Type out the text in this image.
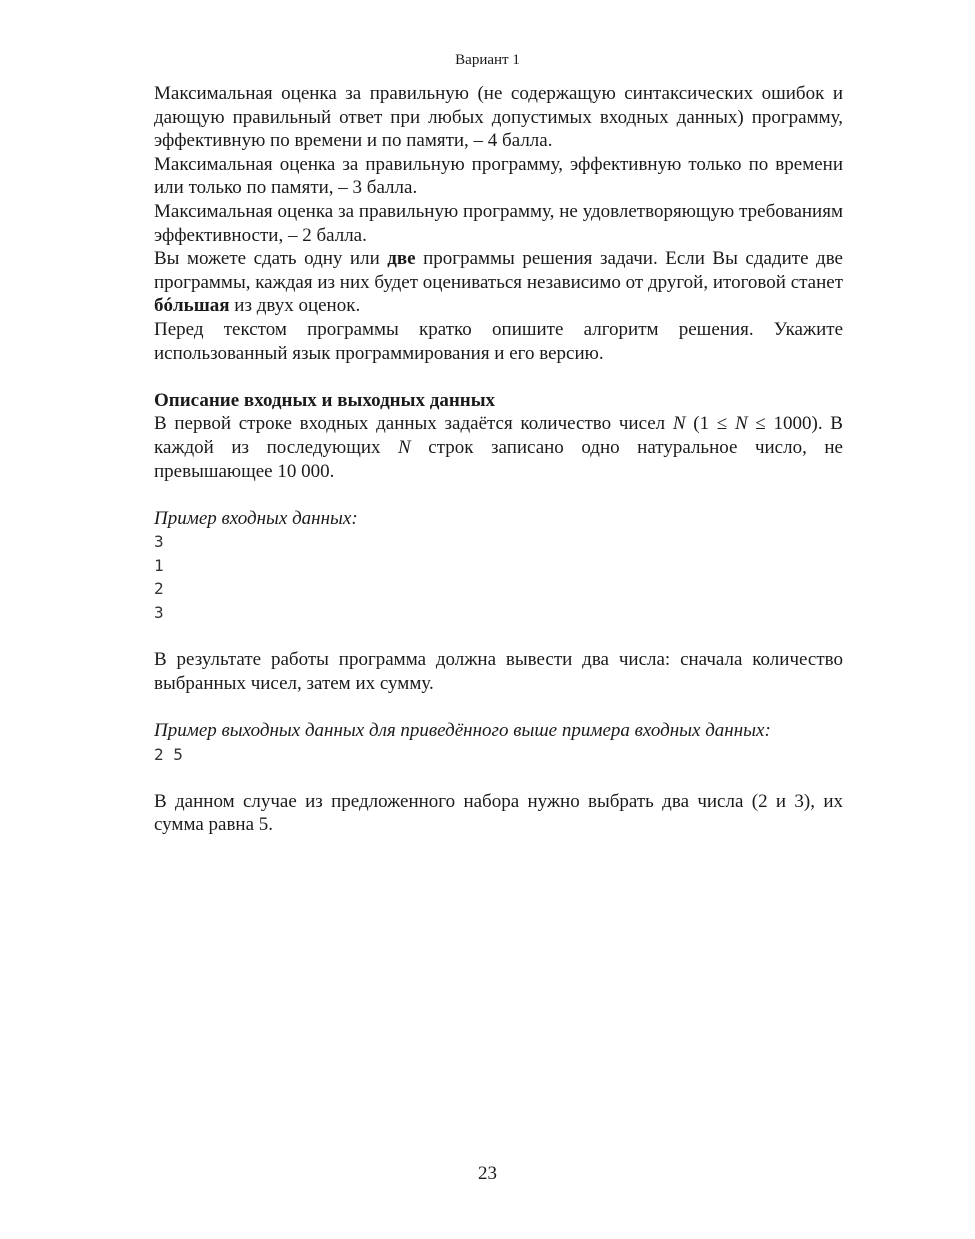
Вариант 1

Максимальная оценка за правильную (не содержащую синтаксических ошибок и дающую правильный ответ при любых допустимых входных данных) программу, эффективную по времени и по памяти, – 4 балла.

Максимальная оценка за правильную программу, эффективную только по времени или только по памяти, – 3 балла.

Максимальная оценка за правильную программу, не удовлетворяющую требованиям эффективности, – 2 балла.

Вы можете сдать одну или две программы решения задачи. Если Вы сдадите две программы, каждая из них будет оцениваться независимо от другой, итоговой станет бóльшая из двух оценок.

Перед текстом программы кратко опишите алгоритм решения. Укажите использованный язык программирования и его версию.

Описание входных и выходных данных

В первой строке входных данных задаётся количество чисел N (1 ≤ N ≤ 1000). В каждой из последующих N строк записано одно натуральное число, не превышающее 10 000.

Пример входных данных:

3
1
2
3

В результате работы программа должна вывести два числа: сначала количество выбранных чисел, затем их сумму.

Пример выходных данных для приведённого выше примера входных данных:

2 5

В данном случае из предложенного набора нужно выбрать два числа (2 и 3), их сумма равна 5.

23
